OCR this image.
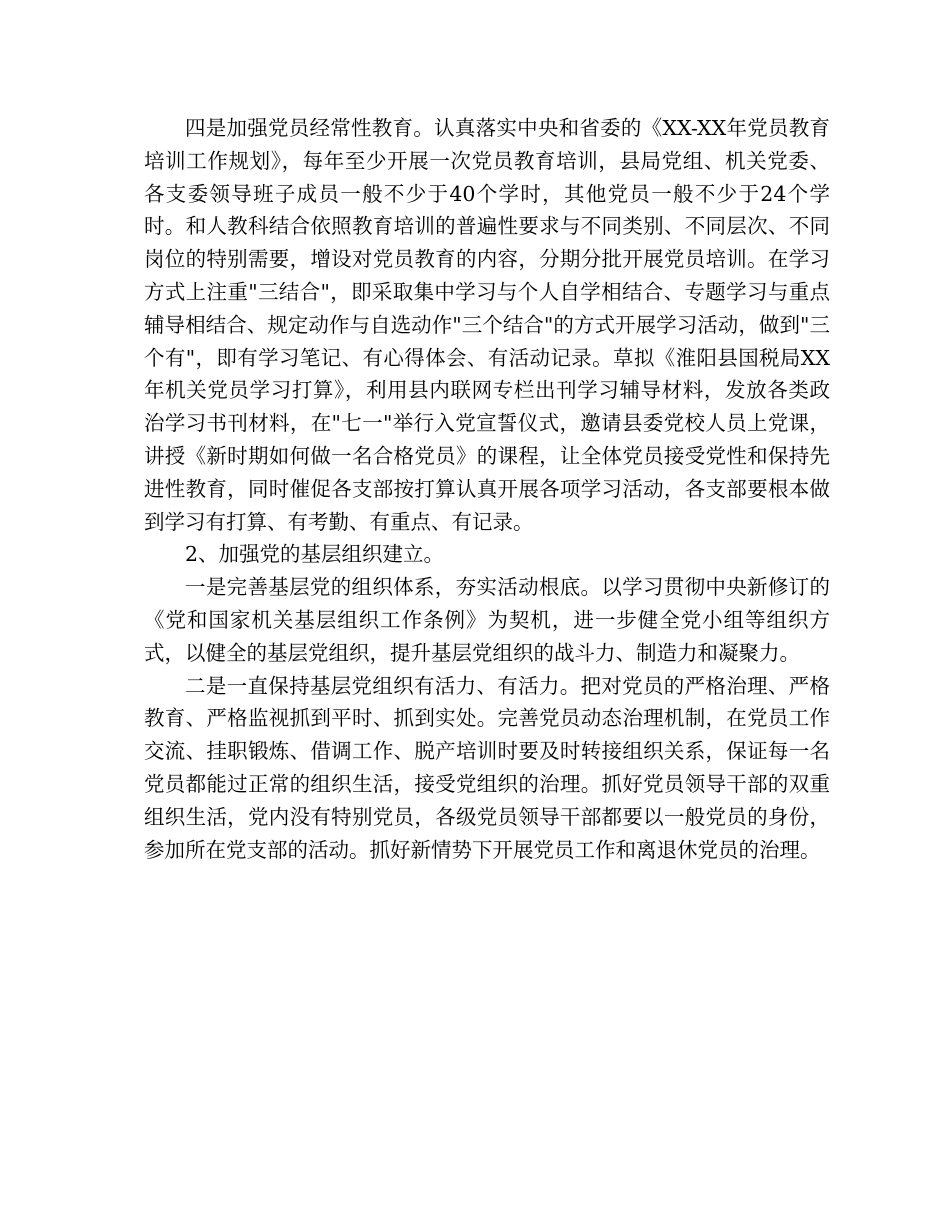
四是加强党员经常性教育。认真落实中央和省委的《XX-XX年党员教育培训工作规划》，每年至少开展一次党员教育培训，县局党组、机关党委、各支委领导班子成员一般不少于40个学时，其他党员一般不少于24个学时。和人教科结合依照教育培训的普遍性要求与不同类别、不同层次、不同岗位的特别需要，增设对党员教育的内容，分期分批开展党员培训。在学习方式上注重"三结合"，即采取集中学习与个人自学相结合、专题学习与重点辅导相结合、规定动作与自选动作"三个结合"的方式开展学习活动，做到"三个有"，即有学习笔记、有心得体会、有活动记录。草拟《淮阳县国税局XX年机关党员学习打算》，利用县内联网专栏出刊学习辅导材料，发放各类政治学习书刊材料，在"七一"举行入党宣誓仪式，邀请县委党校人员上党课，讲授《新时期如何做一名合格党员》的课程，让全体党员接受党性和保持先进性教育，同时催促各支部按打算认真开展各项学习活动，各支部要根本做到学习有打算、有考勤、有重点、有记录。

2、加强党的基层组织建立。

一是完善基层党的组织体系，夯实活动根底。以学习贯彻中央新修订的《党和国家机关基层组织工作条例》为契机，进一步健全党小组等组织方式，以健全的基层党组织，提升基层党组织的战斗力、制造力和凝聚力。

二是一直保持基层党组织有活力、有活力。把对党员的严格治理、严格教育、严格监视抓到平时、抓到实处。完善党员动态治理机制，在党员工作交流、挂职锻炼、借调工作、脱产培训时要及时转接组织关系，保证每一名党员都能过正常的组织生活，接受党组织的治理。抓好党员领导干部的双重组织生活，党内没有特别党员，各级党员领导干部都要以一般党员的身份，参加所在党支部的活动。抓好新情势下开展党员工作和离退休党员的治理。
